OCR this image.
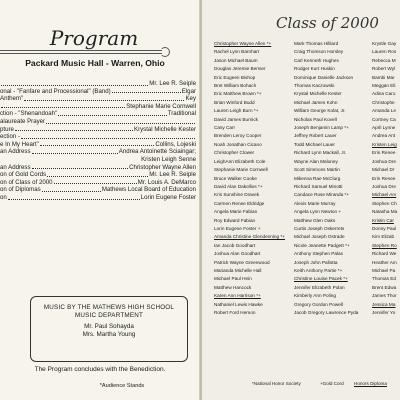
Program
Packard Music Hall - Warren, Ohio
Mr. Lee R. Seiple
onal - "Fanfare and Processional" (Band)	Elgar
Anthem"	Key
Stephanie Marie Cornwell
ction - "Shenandoah"	Traditional
alaureate Prayer
pture	Krystal Michelle Kester
ection -
e In My Heart"	Collins, Lojeski
an Address	Andrea Antoinette Sciaingar;
Kristen Leigh Senne
an Address	Christopher Wayne Allen
on of Gold Cords	Mr. Lee R. Seiple
on of Class of 2000	Mr. Louis A. DeMarco
on of Diplomas	Mathews Local Board of Education
on	Lorin Eugene Foster
MUSIC BY THE MATHEWS HIGH SCHOOL
MUSIC DEPARTMENT
Mr. Paul Sohayda
Mrs. Martha Young
The Program concludes with the Benediction.
*Audience Stands
Class of 2000
Christopher Wayne Allen *+
Rachel Lynn Barnhart
Jason Michael Baum
Douglas Jeremie Bernier
Eric Eugeen Bishop
Bret William Bohach
Eric Matthew Brown *+
Brian Winford Budd
Lauren Leigh Burn *+
David James Burnick
Casy Carr
Brenden Leroy Cooper
Noah Jonathan Cicano
Christopher Clower
LeighAnn Elizabeth Cole
Stephanie Marie Cornwell
Bruce Walker Cooke
David Alan Dakollios *+
Kris Sunshine Dravek
Carmen Renee Eldridge
Angela Marie Fabian
Roy Edward Fabian
Lorin Eugene Foster +
Amanda Christine Glendenning *+
Ian Jacob Goodhart
Joshua Alan Goodhart
Patrick Wayne Greenwood
Marianda Michelle Hall
Michael Paul Hein
Matthew Hancock
Karen Ann Harrison *+
Nathaniel Lewis Hawke
Robert Ford Hemon
Mark Thomas Hilliard
Craig Thomson Horsley
Carl Kenneth Hughes
Rodger Kurt Huskin
Dominique Danielle Jackson
Thomas Kaczowski
Krystal Michelle Kester
Michael James Kohn
William George Kolat, Jr.
Nicholas Paul Kovell
Joseph Benjamin Lamp *+
Jeffrey Robert Lauer
Todd Michael Lauer
Richard Lynn Mackall, Jr.
Wayne Alan Maloney
Scott Simmons Martin
Mikenna Rae McClurg
Richard Samuel Minotti
Candace Rose Miranda *+
Alexis Marie Murray
Angela Lynn Newton +
Matthew Glen Oaks
Curtis Joseph Oskerrets
Michael Joseph Ostrade
Nicole Jeanette Padgett *+
Anthony Stephen Palas
Joseph John Pallotta
Keith Anthony Partie *+
Christine Louise Pacek *+
Jennifer Elizabeth Polan
Kimberly Ann Poling
Gregory Gordon Powell
Jacob Gregory Lawrence Pyda
Krystle Gay
Lauren Ros
Rebecca M
Robert Wyl
Bambi Mar
Meggan Eli
Adina Caro
Christophe
Amanda Le
Cortney Ca
April Lynne
Andrea Ant
Kristen Leig
Erin Renee
Joshua Dre
Michael Dr
Erin Renee
Joshua Dre
Michael Arv
Stephen Ch
Natasha Ma
Kristin Car
Donny Paul
Kim Elizab
Stephen Ro
Richard We
Heather Am
Michael Pa
Thomas Ed
Brent Edwa
James Thor
Jessica Ma
Jennifer Yo
*National Honor Society	+Gold Cord Honors Diploma
